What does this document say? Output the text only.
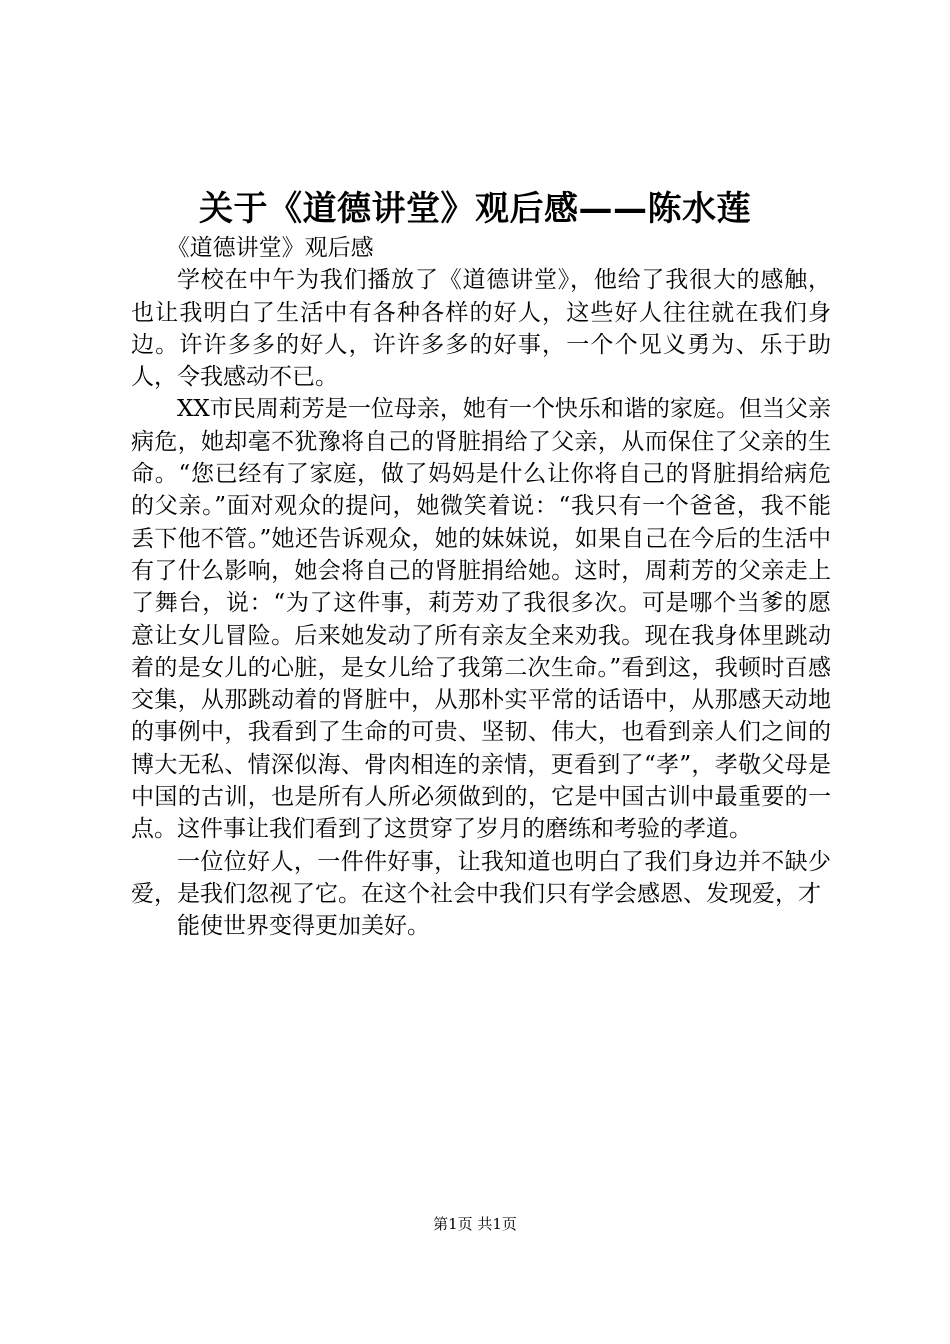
关于《道德讲堂》观后感——陈水莲

《道德讲堂》观后感

学校在中午为我们播放了《道德讲堂》，他给了我很大的感触，也让我明白了生活中有各种各样的好人，这些好人往往就在我们身边。许许多多的好人，许许多多的好事，一个个见义勇为、乐于助人，令我感动不已。

XX市民周莉芳是一位母亲，她有一个快乐和谐的家庭。但当父亲病危，她却毫不犹豫将自己的肾脏捐给了父亲，从而保住了父亲的生命。“您已经有了家庭，做了妈妈是什么让你将自己的肾脏捐给病危的父亲。”面对观众的提问，她微笑着说：“我只有一个爸爸，我不能丢下他不管。”她还告诉观众，她的妹妹说，如果自己在今后的生活中有了什么影响，她会将自己的肾脏捐给她。这时，周莉芳的父亲走上了舞台，说：“为了这件事，莉芳劝了我很多次。可是哪个当爹的愿意让女儿冒险。后来她发动了所有亲友全来劝我。现在我身体里跳动着的是女儿的心脏，是女儿给了我第二次生命。”看到这，我顿时百感交集，从那跳动着的肾脏中，从那朴实平常的话语中，从那感天动地的事例中，我看到了生命的可贵、坚韧、伟大，也看到亲人们之间的博大无私、情深似海、骨肉相连的亲情，更看到了“孝”，孝敬父母是中国的古训，也是所有人所必须做到的，它是中国古训中最重要的一点。这件事让我们看到了这贯穿了岁月的磨练和考验的孝道。

一位位好人，一件件好事，让我知道也明白了我们身边并不缺少爱，是我们忽视了它。在这个社会中我们只有学会感恩、发现爱，才

能使世界变得更加美好。

第1页 共1页
